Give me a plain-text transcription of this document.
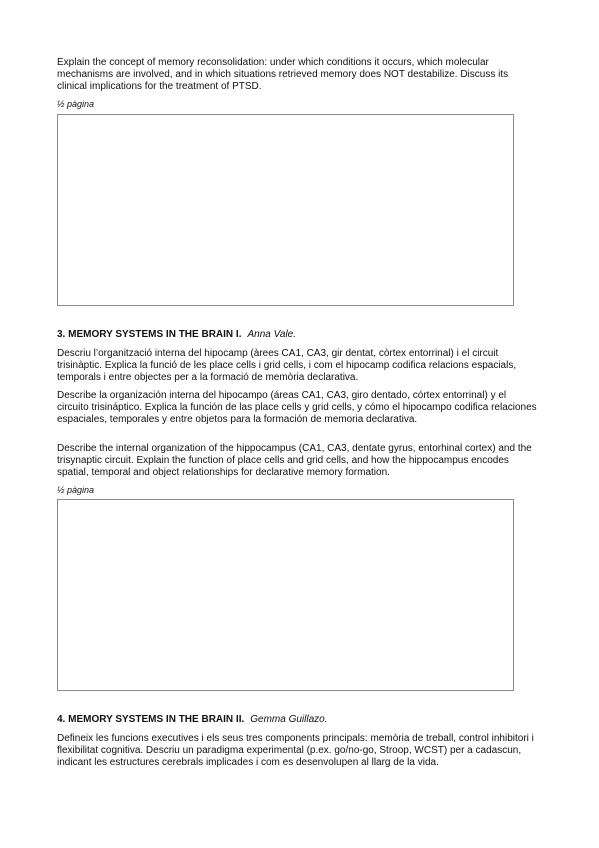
Explain the concept of memory reconsolidation: under which conditions it occurs, which molecular mechanisms are involved, and in which situations retrieved memory does NOT destabilize. Discuss its clinical implications for the treatment of PTSD.

½ pàgina
3. MEMORY SYSTEMS IN THE BRAIN I. Anna Vale.

Descriu l’organització interna del hipocamp (àrees CA1, CA3, gir dentat, còrtex entorrinal) i el circuit trisinàptic. Explica la funció de les place cells i grid cells, i com el hipocamp codifica relacions espacials, temporals i entre objectes per a la formació de memòria declarativa.

Describe la organización interna del hipocampo (áreas CA1, CA3, giro dentado, córtex entorrinal) y el circuito trisináptico. Explica la función de las place cells y grid cells, y cómo el hipocampo codifica relaciones espaciales, temporales y entre objetos para la formación de memoria declarativa.

Describe the internal organization of the hippocampus (CA1, CA3, dentate gyrus, entorhinal cortex) and the trisynaptic circuit. Explain the function of place cells and grid cells, and how the hippocampus encodes spatial, temporal and object relationships for declarative memory formation.

½ pàgina
4. MEMORY SYSTEMS IN THE BRAIN II. Gemma Guillazo.

Defineix les funcions executives i els seus tres components principals: memòria de treball, control inhibitori i flexibilitat cognitiva. Descriu un paradigma experimental (p.ex. go/no-go, Stroop, WCST) per a cadascun, indicant les estructures cerebrals implicades i com es desenvolupen al llarg de la vida.
